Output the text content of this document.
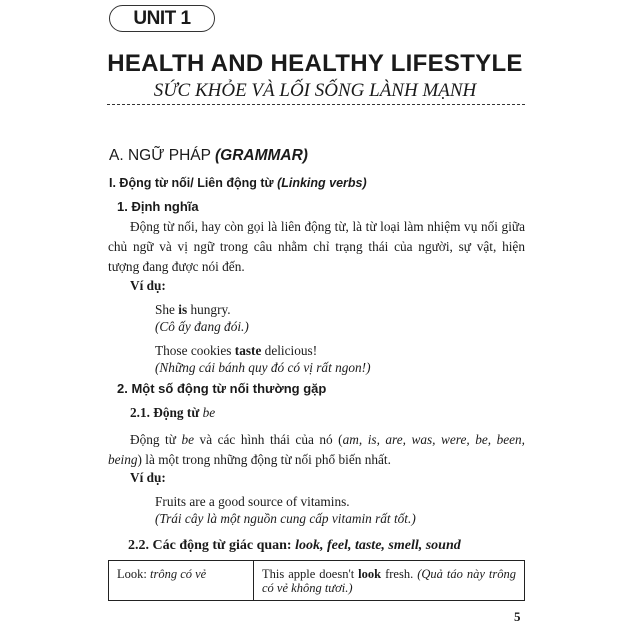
UNIT 1
HEALTH AND HEALTHY LIFESTYLE
SỨC KHỎE VÀ LỐI SỐNG LÀNH MẠNH
A. NGỮ PHÁP (GRAMMAR)
I. Động từ nối/ Liên động từ (Linking verbs)
1. Định nghĩa
Động từ nối, hay còn gọi là liên động từ, là từ loại làm nhiệm vụ nối giữa
chủ ngữ và vị ngữ trong câu nhằm chỉ trạng thái của người, sự vật, hiện
tượng đang được nói đến.
Ví dụ:
She is hungry.
(Cô ấy đang đói.)
Those cookies taste delicious!
(Những cái bánh quy đó có vị rất ngon!)
2. Một số động từ nối thường gặp
2.1. Động từ be
Động từ be và các hình thái của nó (am, is, are, was, were, be, been,
being) là một trong những động từ nối phổ biến nhất.
Ví dụ:
Fruits are a good source of vitamins.
(Trái cây là một nguồn cung cấp vitamin rất tốt.)
2.2. Các động từ giác quan: look, feel, taste, smell, sound
Look: trông có vẻ	This apple doesn't look fresh. (Quả táo này trông có vẻ không tươi.)
5
